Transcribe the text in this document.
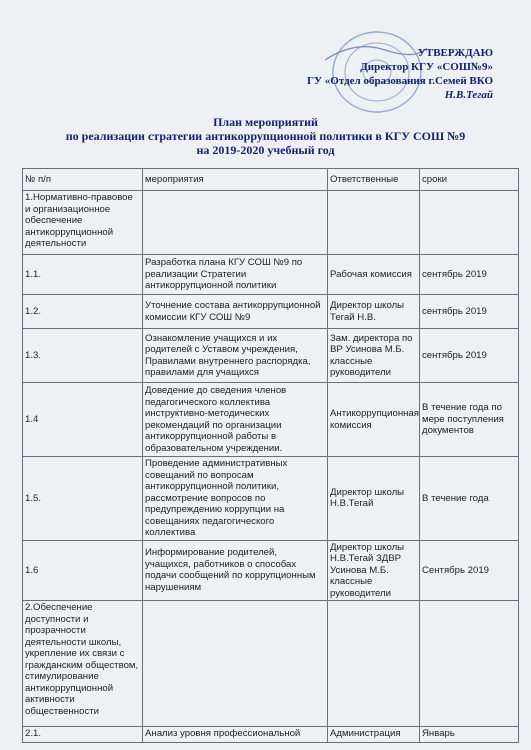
УТВЕРЖДАЮ
Директор КГУ «СОШ№9»
ГУ «Отдел образования г.Семей ВКО
Н.В.Тегай
План мероприятий
по реализации стратегии антикоррупционной политики в КГУ СОШ №9
на 2019-2020 учебный год
№ п/п	мероприятия	Ответственные	сроки
1.Нормативно-правовое и организационное обеспечение антикоррупционной деятельности			
1.1.	Разработка плана КГУ СОШ №9 по реализации Стратегии антикоррупционной политики	Рабочая комиссия	сентябрь 2019
1.2.	Уточнение состава антикоррупционной комиссии КГУ СОШ №9	Директор школы Тегай Н.В.	сентябрь 2019
1.3.	Ознакомление учащихся и их родителей с Уставом учреждения, Правилами внутреннего распорядка, правилами для учащихся	Зам. директора по ВР Усинова М.Б. классные руководители	сентябрь 2019
1.4	Доведение до сведения членов педагогического коллектива инструктивно-методических рекомендаций по организации антикоррупционной работы в образовательном учреждении.	Антикоррупционная комиссия	В течение года по мере поступления документов
1.5.	Проведение административных совещаний по вопросам антикоррупционной политики, рассмотрение вопросов по предупреждению коррупции на совещаниях педагогического коллектива	Директор школы Н.В.Тегай	В течение года
1.6	Информирование родителей, учащихся, работников о способах подачи сообщений по коррупционным нарушениям	Директор школы Н.В.Тегай ЗДВР Усинова М.Б. классные руководители	Сентябрь 2019
2.Обеспечение доступности и прозрачности деятельности школы, укрепление их связи с гражданским обществом, стимулирование антикоррупционной активности общественности			
2.1.	Анализ уровня профессиональной	Администрация	Январь
